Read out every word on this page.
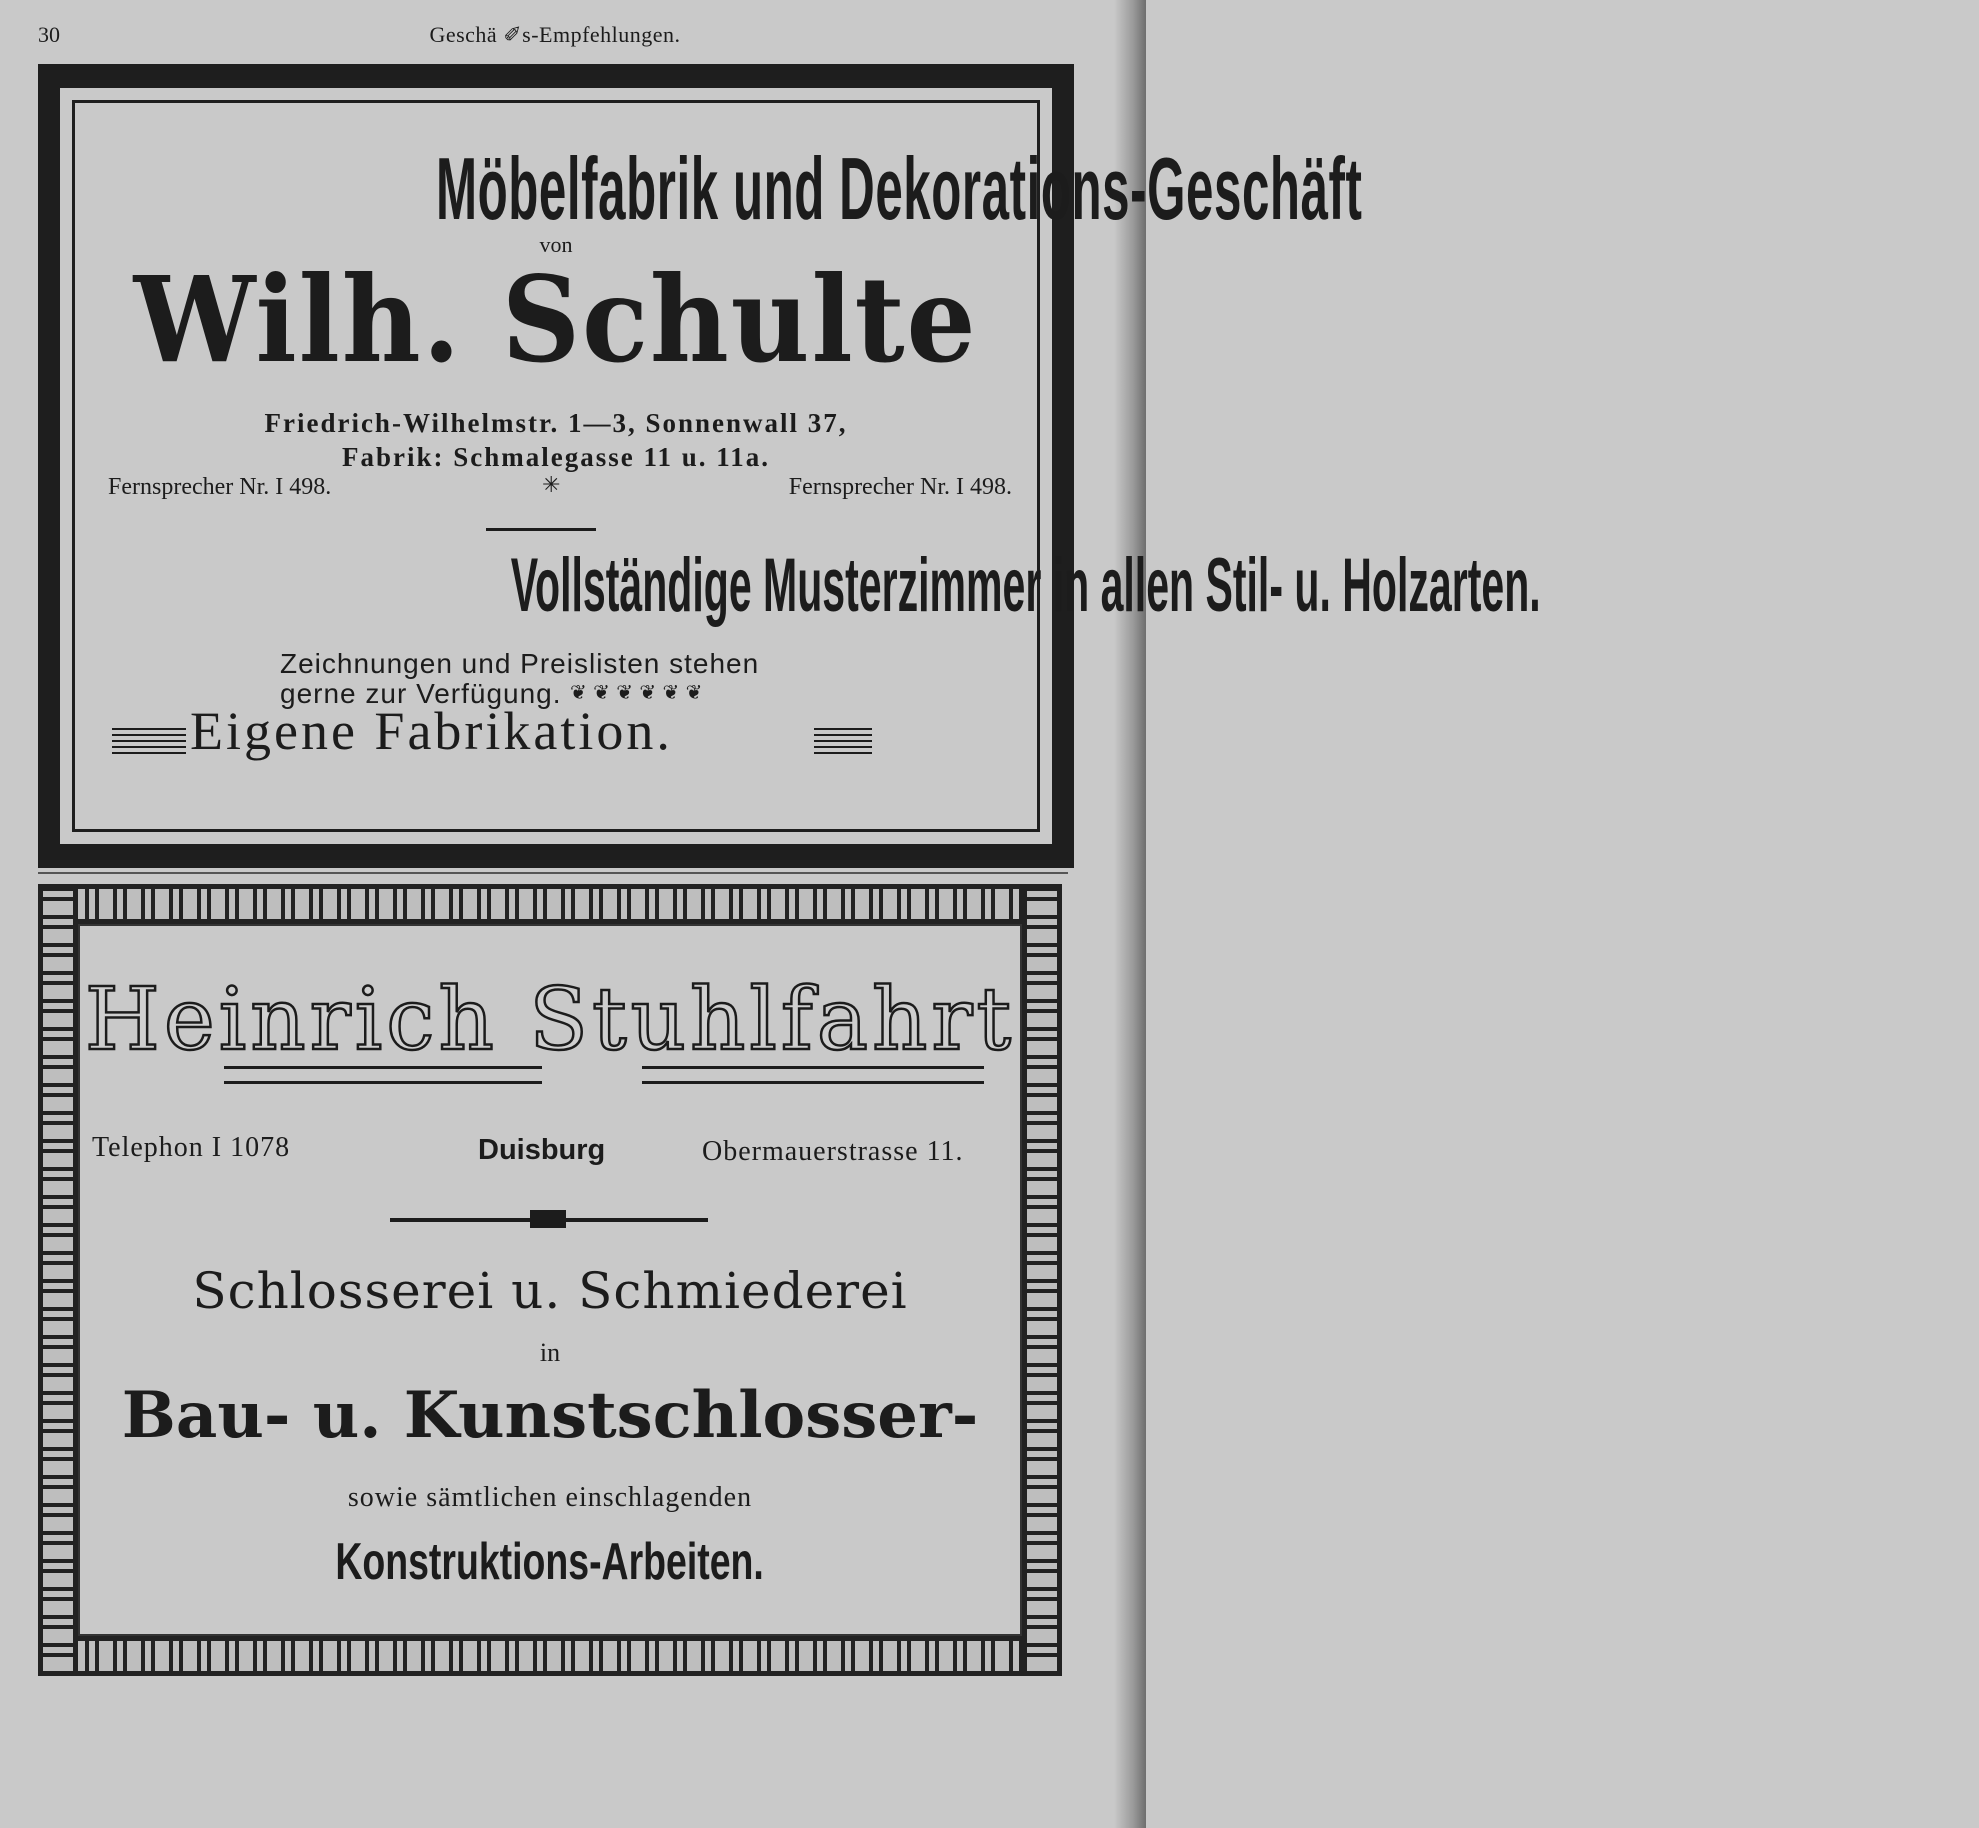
30	Geschä ✐s-Empfehlungen.
Möbelfabrik und Dekorations-Geschäft
von
Wilh. Schulte
Friedrich-Wilhelmstr. 1—3, Sonnenwall 37,
Fabrik: Schmalegasse 11 u. 11a.
Fernsprecher Nr. I 498.	✳	Fernsprecher Nr. I 498.
Vollständige Musterzimmer in allen Stil- u. Holzarten.
Zeichnungen und Preislisten stehen
gerne zur Verfügung. ❦ ❦ ❦ ❦ ❦ ❦
Eigene Fabrikation.
Heinrich Stuhlfahrt
Telephon I 1078	Duisburg	Obermauerstrasse 11.
Schlosserei u. Schmiederei
in
Bau- u. Kunstschlosser-
sowie sämtlichen einschlagenden
Konstruktions-Arbeiten.
